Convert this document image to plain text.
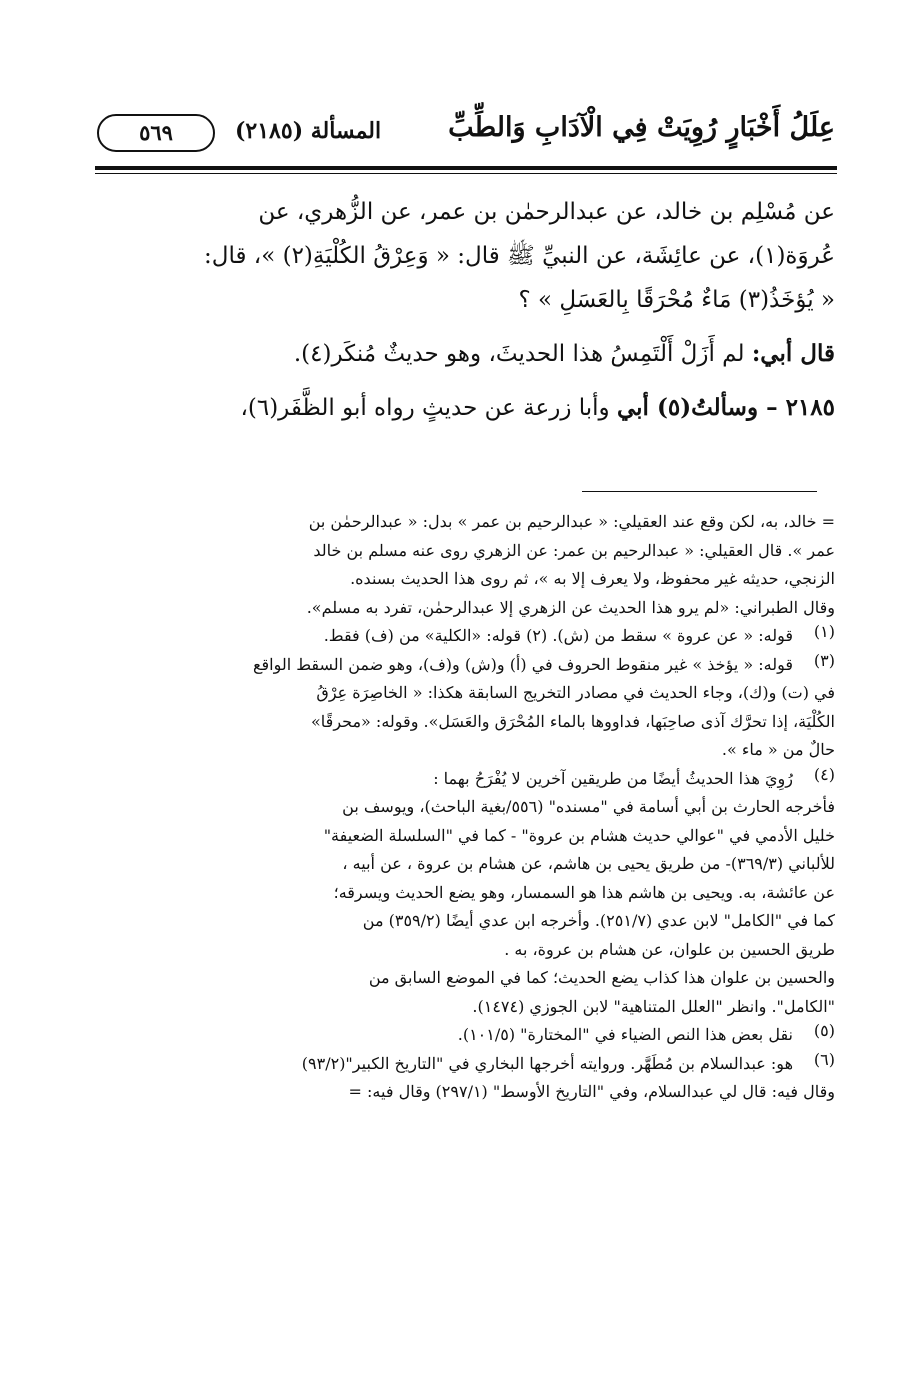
عِلَلُ أَخْبَارٍ رُوِيَتْ فِي الْآدَابِ وَالطِّبِّ
المسألة (٢١٨٥)
٥٦٩

عن مُسْلِم بن خالد، عن عبدالرحمٰن بن عمر، عن الزُّهري، عن

عُروَة(١)، عن عائِشَة، عن النبيِّ ﷺ قال: « وَعِرْقُ الكُلْيَةِ(٢) »، قال:

« يُؤخَذُ(٣) مَاءٌ مُحْرَقًا بِالعَسَلِ » ؟

قال أبي: لم أَزَلْ أَلْتَمِسُ هذا الحديثَ، وهو حديثٌ مُنكَر(٤).

٢١٨٥ – وسألتُ(٥) أبي وأبا زرعة عن حديثٍ رواه أبو الظَّفَر(٦)،

= خالد، به، لكن وقع عند العقيلي: « عبدالرحيم بن عمر » بدل: « عبدالرحمٰن بن

عمر ». قال العقيلي: « عبدالرحيم بن عمر: عن الزهري روى عنه مسلم بن خالد

الزنجي، حديثه غير محفوظ، ولا يعرف إلا به »، ثم روى هذا الحديث بسنده.

وقال الطبراني: «لم يرو هذا الحديث عن الزهري إلا عبدالرحمٰن، تفرد به مسلم».

(١)

قوله: « عن عروة » سقط من (ش). (٢) قوله: «الكلية» من (ف) فقط.

(٣)

قوله: « يؤخذ » غير منقوط الحروف في (أ) و(ش) و(ف)، وهو ضمن السقط الواقع

في (ت) و(ك)، وجاء الحديث في مصادر التخريج السابقة هكذا: « الخاصِرَة عِرْقُ

الكُلْيَة، إذا تحرَّك آذى صاحِبَها، فداووها بالماء المُحْرَق والعَسَل». وقوله: «محرقًا»

حالٌ من « ماء ».

(٤)

رُوِيَ هذا الحديثُ أيضًا من طريقين آخرين لا يُفْرَحُ بهما :

فأخرجه الحارث بن أبي أسامة في "مسنده" (٥٥٦/بغية الباحث)، ويوسف بن

خليل الأدمي في "عوالي حديث هشام بن عروة" - كما في "السلسلة الضعيفة"

للألباني (٣٦٩/٣)- من طريق يحيى بن هاشم، عن هشام بن عروة ، عن أبيه ،

عن عائشة، به. ويحيى بن هاشم هذا هو السمسار، وهو يضع الحديث ويسرقه؛

كما في "الكامل" لابن عدي (٢٥١/٧). وأخرجه ابن عدي أيضًا (٣٥٩/٢) من

طريق الحسين بن علوان، عن هشام بن عروة، به .

والحسين بن علوان هذا كذاب يضع الحديث؛ كما في الموضع السابق من

"الكامل". وانظر "العلل المتناهية" لابن الجوزي (١٤٧٤).

(٥)

نقل بعض هذا النص الضياء في "المختارة" (١٠١/٥).

(٦)

هو: عبدالسلام بن مُطَهَّر. وروايته أخرجها البخاري في "التاريخ الكبير"(٩٣/٢)

وقال فيه: قال لي عبدالسلام، وفي "التاريخ الأوسط" (٢٩٧/١) وقال فيه: =
